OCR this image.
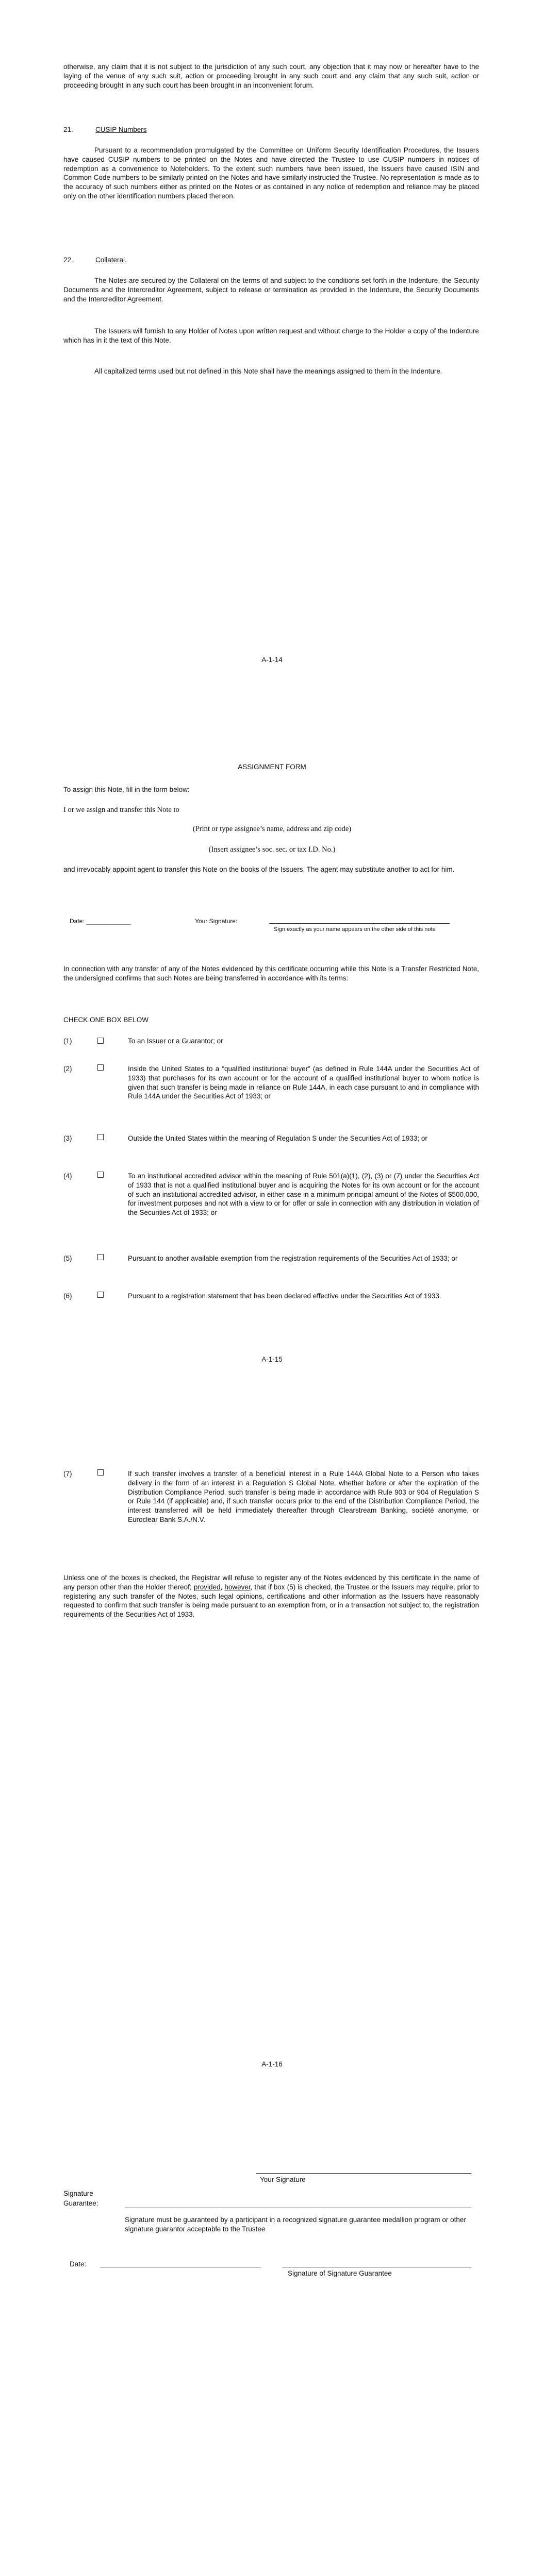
otherwise, any claim that it is not subject to the jurisdiction of any such court, any objection that it may now or hereafter have to the laying of the venue of any such suit, action or proceeding brought in any such court and any claim that any such suit, action or proceeding brought in any such court has been brought in an inconvenient forum.

21.	CUSIP Numbers

Pursuant to a recommendation promulgated by the Committee on Uniform Security Identification Procedures, the Issuers have caused CUSIP numbers to be printed on the Notes and have directed the Trustee to use CUSIP numbers in notices of redemption as a convenience to Noteholders. To the extent such numbers have been issued, the Issuers have caused ISIN and Common Code numbers to be similarly printed on the Notes and have similarly instructed the Trustee. No representation is made as to the accuracy of such numbers either as printed on the Notes or as contained in any notice of redemption and reliance may be placed only on the other identification numbers placed thereon.

22.	Collateral.

The Notes are secured by the Collateral on the terms of and subject to the conditions set forth in the Indenture, the Security Documents and the Intercreditor Agreement, subject to release or termination as provided in the Indenture, the Security Documents and the Intercreditor Agreement.

The Issuers will furnish to any Holder of Notes upon written request and without charge to the Holder a copy of the Indenture which has in it the text of this Note.

All capitalized terms used but not defined in this Note shall have the meanings assigned to them in the Indenture.

A-1-14
ASSIGNMENT FORM
To assign this Note, fill in the form below:
I or we assign and transfer this Note to
(Print or type assignee’s name, address and zip code)
(Insert assignee’s soc. sec. or tax I.D. No.)

and irrevocably appoint agent to transfer this Note on the books of the Issuers. The agent may substitute another to act for him.

Date: _____________	Your Signature:
Sign exactly as your name appears on the other side of this note

In connection with any transfer of any of the Notes evidenced by this certificate occurring while this Note is a Transfer Restricted Note, the undersigned confirms that such Notes are being transferred in accordance with its terms:

CHECK ONE BOX BELOW
(1)	To an Issuer or a Guarantor; or

(2)	Inside the United States to a “qualified institutional buyer” (as defined in Rule 144A under the Securities Act of 1933) that purchases for its own account or for the account of a qualified institutional buyer to whom notice is given that such transfer is being made in reliance on Rule 144A, in each case pursuant to and in compliance with Rule 144A under the Securities Act of 1933; or

(3)	Outside the United States within the meaning of Regulation S under the Securities Act of 1933; or

(4)	To an institutional accredited advisor within the meaning of Rule 501(a)(1), (2), (3) or (7) under the Securities Act of 1933 that is not a qualified institutional buyer and is acquiring the Notes for its own account or for the account of such an institutional accredited advisor, in either case in a minimum principal amount of the Notes of $500,000, for investment purposes and not with a view to or for offer or sale in connection with any distribution in violation of the Securities Act of 1933; or

(5)	Pursuant to another available exemption from the registration requirements of the Securities Act of 1933; or

(6)	Pursuant to a registration statement that has been declared effective under the Securities Act of 1933.

A-1-15
(7)	If such transfer involves a transfer of a beneficial interest in a Rule 144A Global Note to a Person who takes delivery in the form of an interest in a Regulation S Global Note, whether before or after the expiration of the Distribution Compliance Period, such transfer is being made in accordance with Rule 903 or 904 of Regulation S or Rule 144 (if applicable) and, if such transfer occurs prior to the end of the Distribution Compliance Period, the interest transferred will be held immediately thereafter through Clearstream Banking, société anonyme, or Euroclear Bank S.A./N.V.

Unless one of the boxes is checked, the Registrar will refuse to register any of the Notes evidenced by this certificate in the name of any person other than the Holder thereof; provided, however, that if box (5) is checked, the Trustee or the Issuers may require, prior to registering any such transfer of the Notes, such legal opinions, certifications and other information as the Issuers have reasonably requested to confirm that such transfer is being made pursuant to an exemption from, or in a transaction not subject to, the registration requirements of the Securities Act of 1933.

A-1-16
Your Signature
Signature
Guarantee:

Signature must be guaranteed by a participant in a recognized signature guarantee medallion program or other signature guarantor acceptable to the Trustee

Date:
Signature of Signature Guarantee
